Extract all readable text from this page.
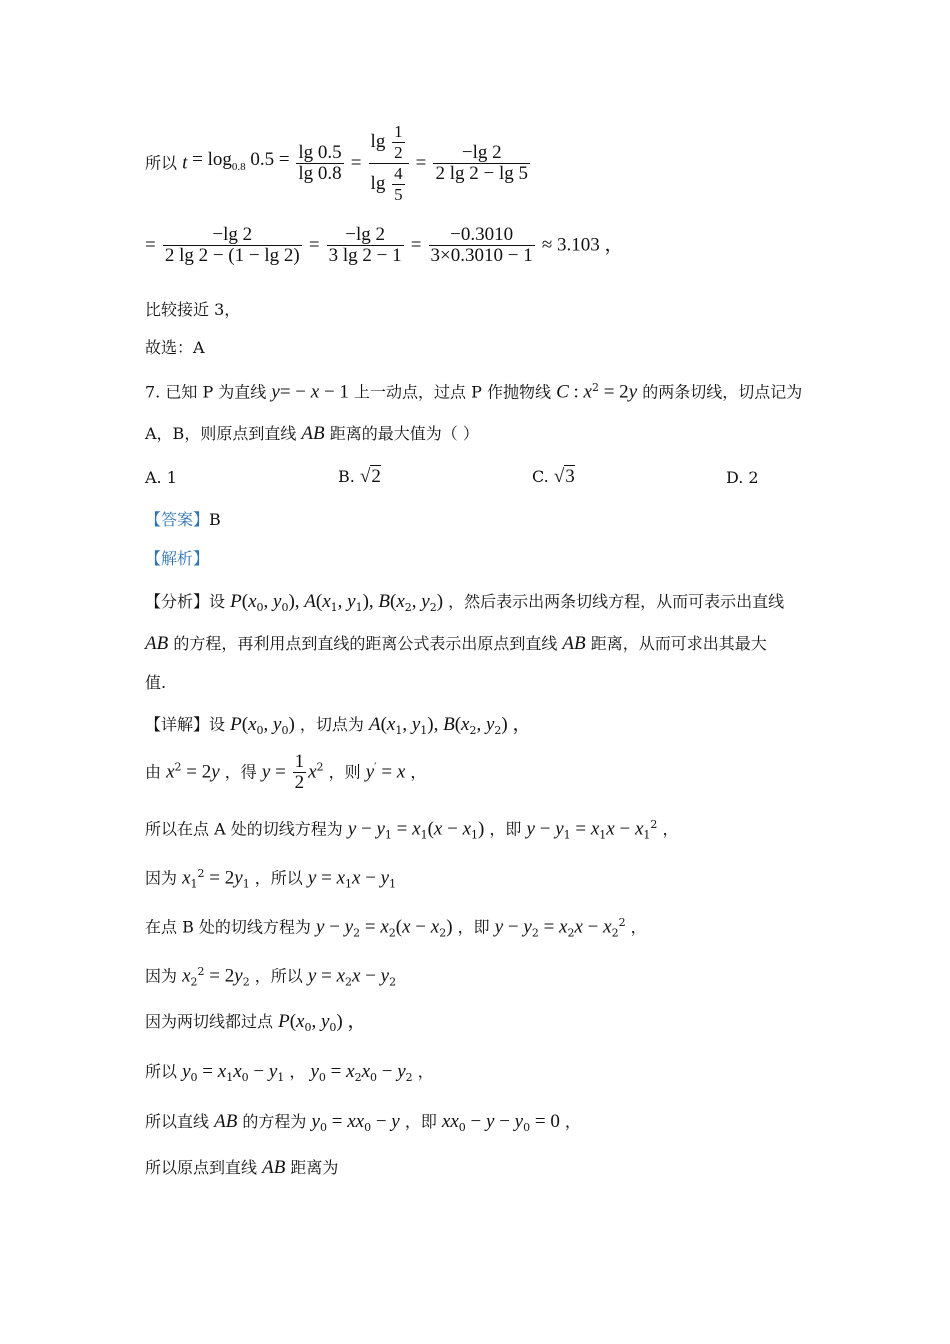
所以 $t = \log_{0.8} 0.5 = \frac{\lg 0.5}{\lg 0.8} = \frac{\lg \frac{1}{2}}{\lg \frac{4}{5}} = \frac{-\lg 2}{2 \lg 2 - \lg 5}$
= $\frac{-\lg 2}{2 \lg 2 - (1 - \lg 2)} = \frac{-\lg 2}{3 \lg 2 - 1} = \frac{-0.3010}{3\times 0.3010 - 1} \approx 3.103$ ，
比较接近 3，
故选：A
7. 已知 P 为直线 y= − x − 1 上一动点，过点 P 作抛物线 C : $x^2 = 2y$ 的两条切线，切点记为
A，B，则原点到直线 AB 距离的最大值为（ ）
A. 1	B. √2	C. √3	D. 2
【答案】B
【解析】
【分析】设 $P(x_0$, $y_0$), $A(x_1$, $y_1$), $B(x_2$, $y_2$) ，然后表示出两条切线方程，从而可表示出直线
AB 的方程，再利用点到直线的距离公式表示出原点到直线 AB 距离，从而可求出其最大
值.
【详解】设 $P(x_0$, $y_0$) ，切点为 $A(x_1$, $y_1$), $B(x_2$, $y_2$) ，
由 $x^2 = 2y$ ，得 $y = \frac{1}{2} x^2$ ，则 y′ = x ，
所以在点 A 处的切线方程为 $y - y_1 = x_1(x - x_1)$ ，即 $y - y_1 = x_1x - x_1^2$ ，
因为 $x_1^2 = 2y_1$ ，所以 $y = x_1x - y_1$
在点 B 处的切线方程为 $y - y_2 = x_2(x - x_2)$ ，即 $y - y_2 = x_2x - x_2^2$ ，
因为 $x_2^2 = 2y_2$ ，所以 $y = x_2x - y_2$
因为两切线都过点 $P(x_0$, $y_0$) ，
所以 $y_0 = x_1x_0 - y_1$ ， $y_0 = x_2x_0 - y_2$ ，
所以直线 AB 的方程为 $y_0 = xx_0 - y$ ，即 $xx_0 - y - y_0 = 0$ ，
所以原点到直线 AB 距离为
